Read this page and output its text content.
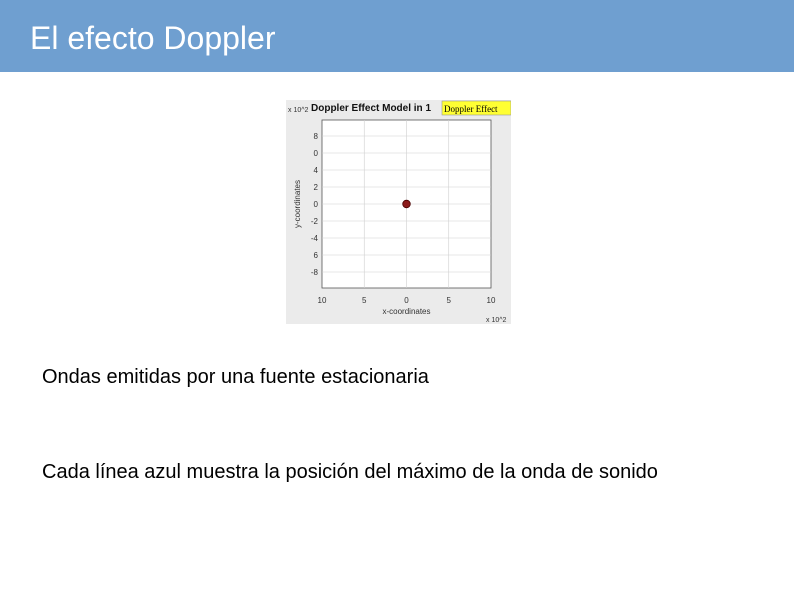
El efecto Doppler
10	5	0	5	10
8
0
4
2
0
-2
-4
6
-8
x 10^2 Doppler Effect Model in 1 Doppler Effect
x-coordinates
y-coordinates
x 10^2
Ondas emitidas por una fuente estacionaria
Cada línea azul muestra la posición del máximo de la onda de sonido
